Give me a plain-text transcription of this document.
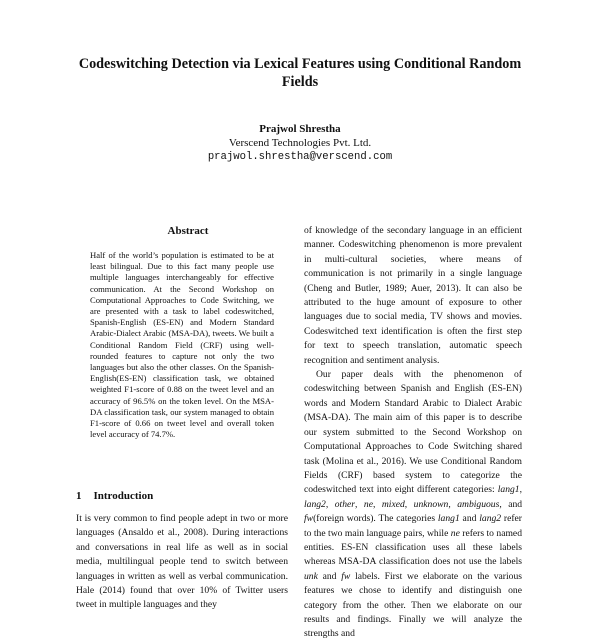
Codeswitching Detection via Lexical Features using Conditional Random Fields
Prajwol Shrestha
Verscend Technologies Pvt. Ltd.
prajwol.shrestha@verscend.com
Abstract

Half of the world’s population is estimated to be at least bilingual. Due to this fact many people use multiple languages interchangeably for effective communication. At the Second Workshop on Computational Approaches to Code Switching, we are presented with a task to label codeswitched, Spanish-English (ES-EN) and Modern Standard Arabic-Dialect Arabic (MSA-DA), tweets. We built a Conditional Random Field (CRF) using well-rounded features to capture not only the two languages but also the other classes. On the Spanish-English(ES-EN) classification task, we obtained weighted F1-score of 0.88 on the tweet level and an accuracy of 96.5% on the token level. On the MSA-DA classification task, our system managed to obtain F1-score of 0.66 on tweet level and overall token level accuracy of 74.7%.

1 Introduction

It is very common to find people adept in two or more languages (Ansaldo et al., 2008). During interactions and conversations in real life as well as in social media, multilingual people tend to switch between languages in written as well as verbal communication. Hale (2014) found that over 10% of Twitter users tweet in multiple languages and they

of knowledge of the secondary language in an efficient manner. Codeswitching phenomenon is more prevalent in multi-cultural societies, where means of communication is not primarily in a single language (Cheng and Butler, 1989; Auer, 2013). It can also be attributed to the huge amount of exposure to other languages due to social media, TV shows and movies. Codeswitched text identification is often the first step for text to speech translation, automatic speech recognition and sentiment analysis.

Our paper deals with the phenomenon of codeswitching between Spanish and English (ES-EN) words and Modern Standard Arabic to Dialect Arabic (MSA-DA). The main aim of this paper is to describe our system submitted to the Second Workshop on Computational Approaches to Code Switching shared task (Molina et al., 2016). We use Conditional Random Fields (CRF) based system to categorize the codeswitched text into eight different categories: lang1, lang2, other, ne, mixed, unknown, ambiguous, and fw(foreign words). The categories lang1 and lang2 refer to the two main language pairs, while ne refers to named entities. ES-EN classification uses all these labels whereas MSA-DA classification does not use the labels unk and fw labels. First we elaborate on the various features we chose to identify and distinguish one category from the other. Then we elaborate on our results and findings. Finally we will analyze the strengths and
